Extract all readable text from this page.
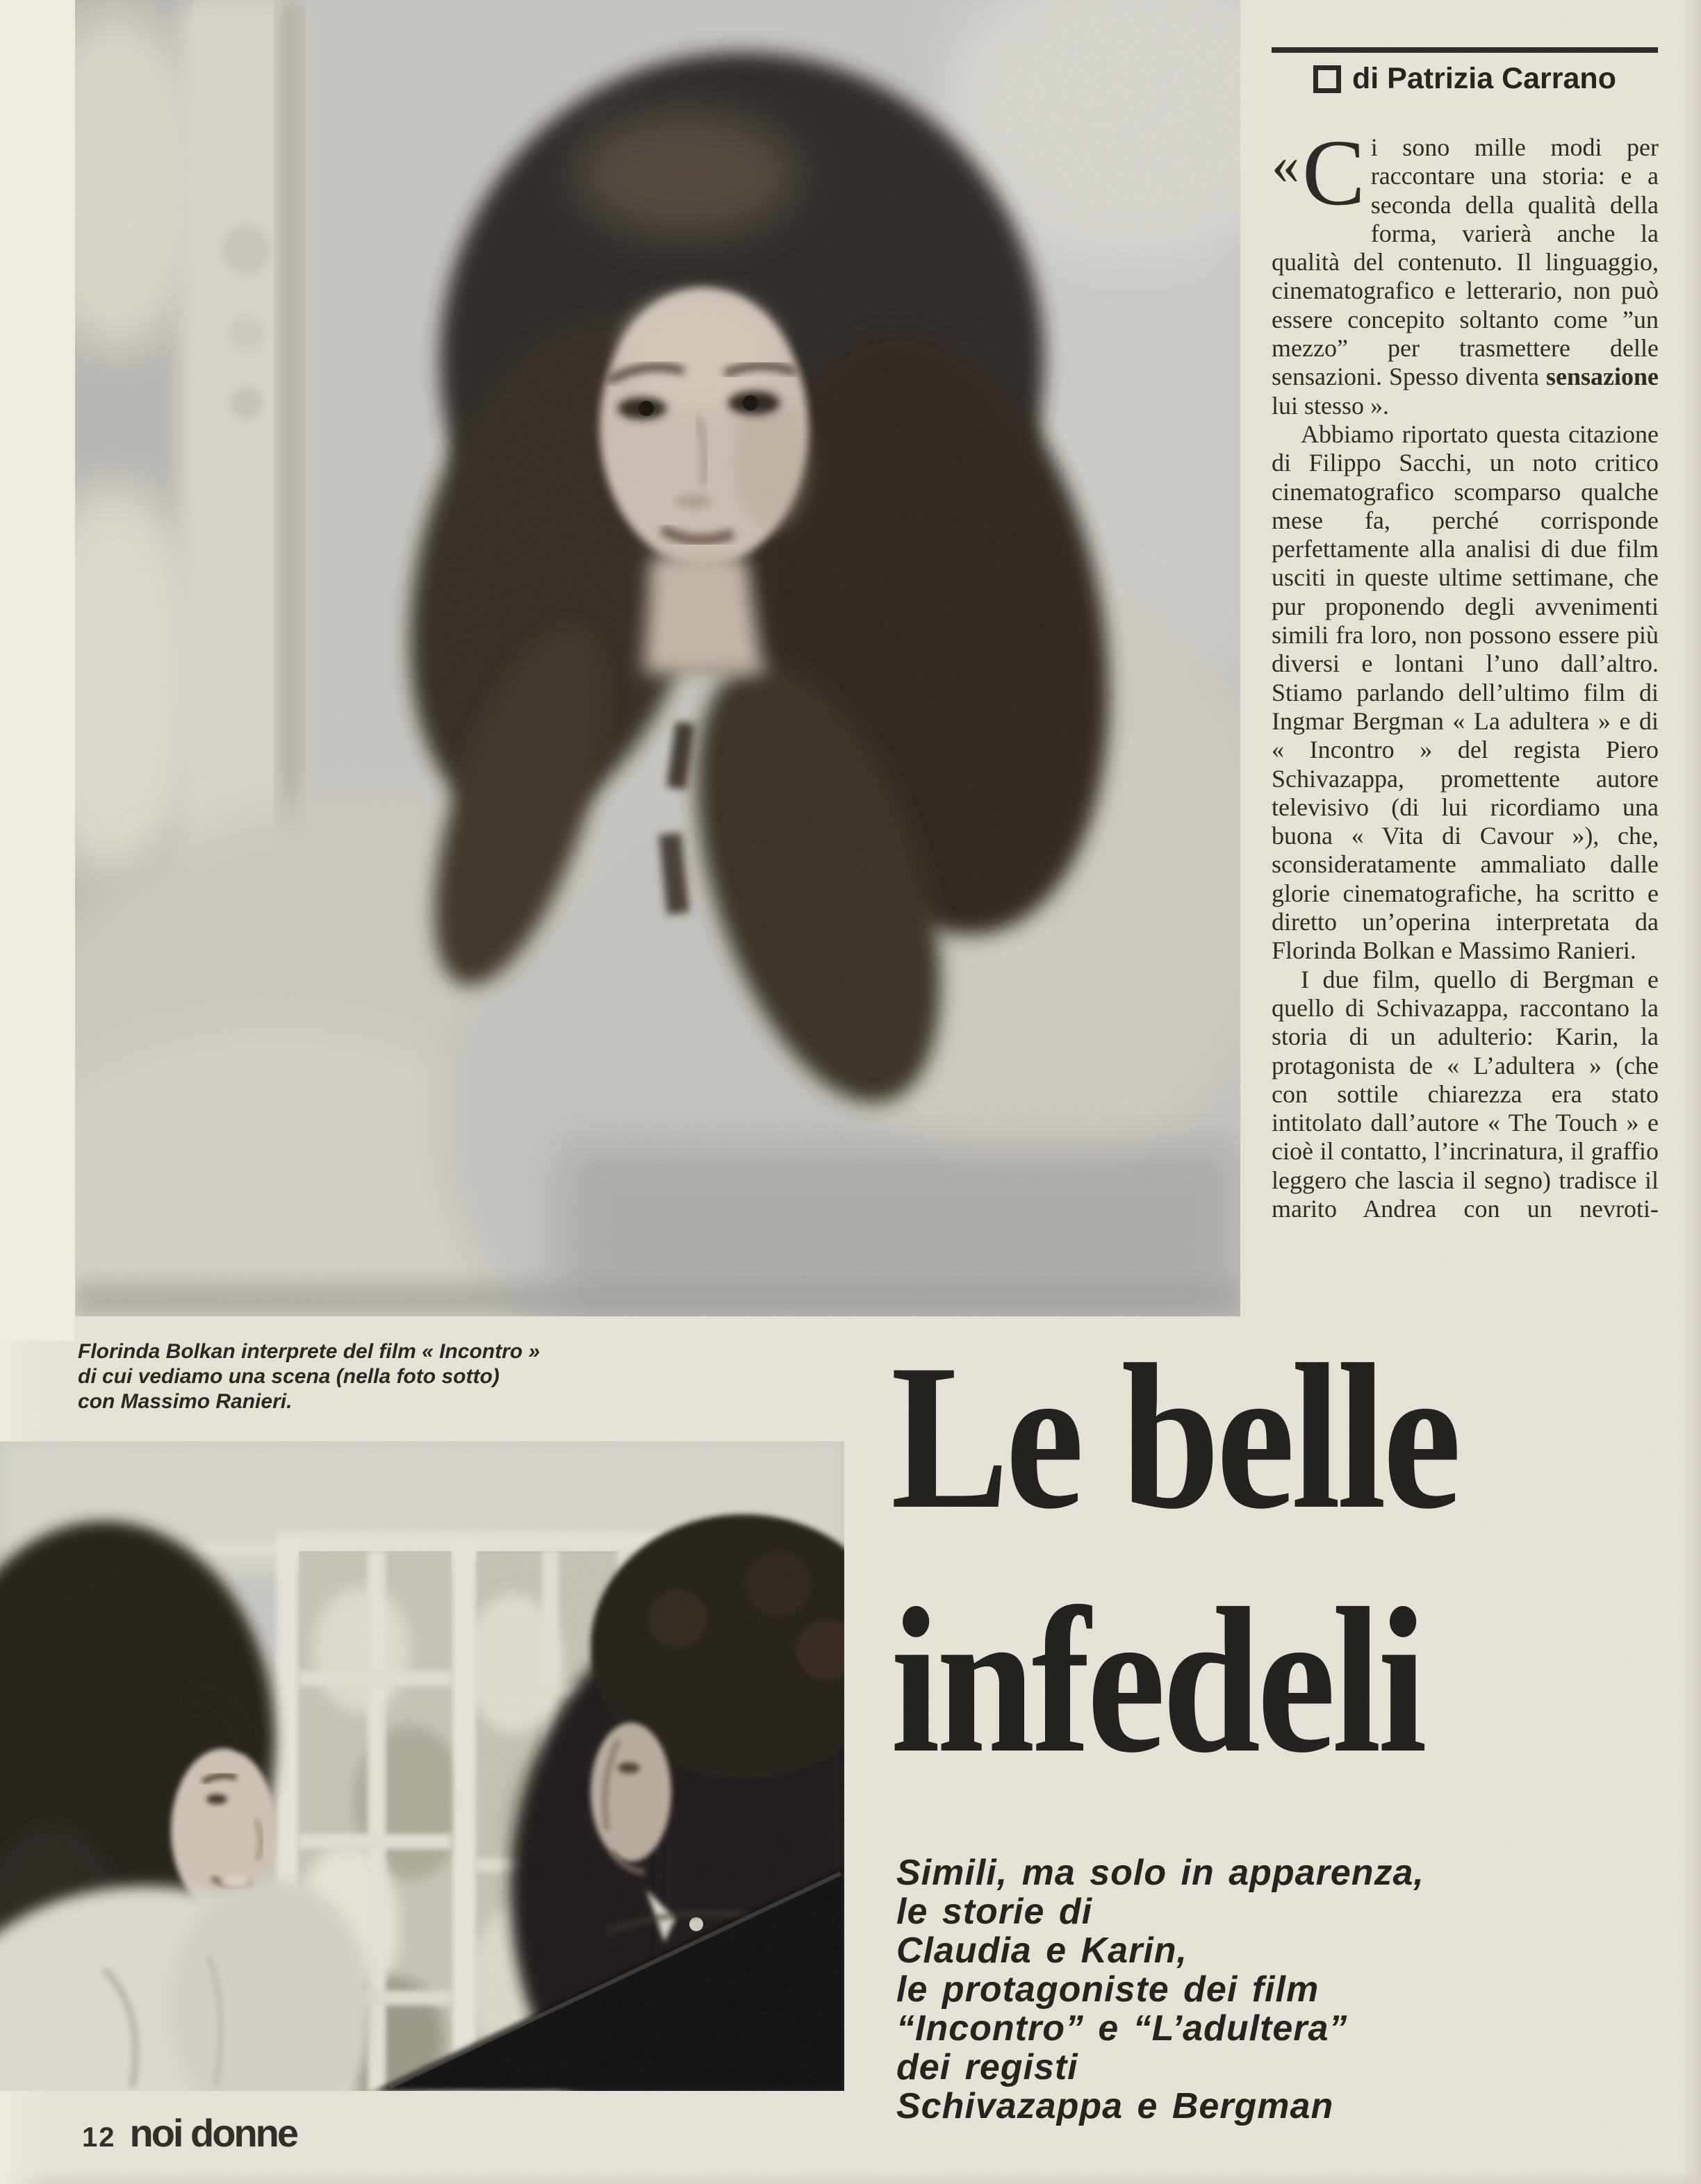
Florinda Bolkan interprete del film « Incontro »
di cui vediamo una scena (nella foto sotto)
con Massimo Ranieri.
di Patrizia Carrano

« C i sono mille modi per raccontare una storia: e a seconda della qualità della forma, varierà anche la qualità del contenuto. Il linguaggio, cinematografico e letterario, non può essere concepito soltanto come ”un mezzo” per trasmettere delle sensazioni. Spesso diventa sensazione lui stesso ».

Abbiamo riportato questa citazione di Filippo Sacchi, un noto critico cinematografico scomparso qualche mese fa, perché corrisponde perfettamente alla analisi di due film usciti in queste ultime settimane, che pur proponendo degli avvenimenti simili fra loro, non possono essere più diversi e lontani l’uno dall’altro. Stiamo parlando dell’ultimo film di Ingmar Bergman « La adultera » e di « Incontro » del regista Piero Schivazappa, promettente autore televisivo (di lui ricordiamo una buona « Vita di Cavour »), che, sconsideratamente ammaliato dalle glorie cinematografiche, ha scritto e diretto un’operina interpretata da Florinda Bolkan e Massimo Ranieri.

I due film, quello di Bergman e quello di Schivazappa, raccontano la storia di un adulterio: Karin, la protagonista de « L’adultera » (che con sottile chiarezza era stato intitolato dall’autore « The Touch » e cioè il contatto, l’incrinatura, il graffio leggero che lascia il segno) tradisce il marito Andrea con un nevroti-

Le belle
infedeli
Simili, ma solo in apparenza,
le storie di
Claudia e Karin,
le protagoniste dei film
“Incontro” e “L’adultera”
dei registi
Schivazappa e Bergman
12 noi donne
